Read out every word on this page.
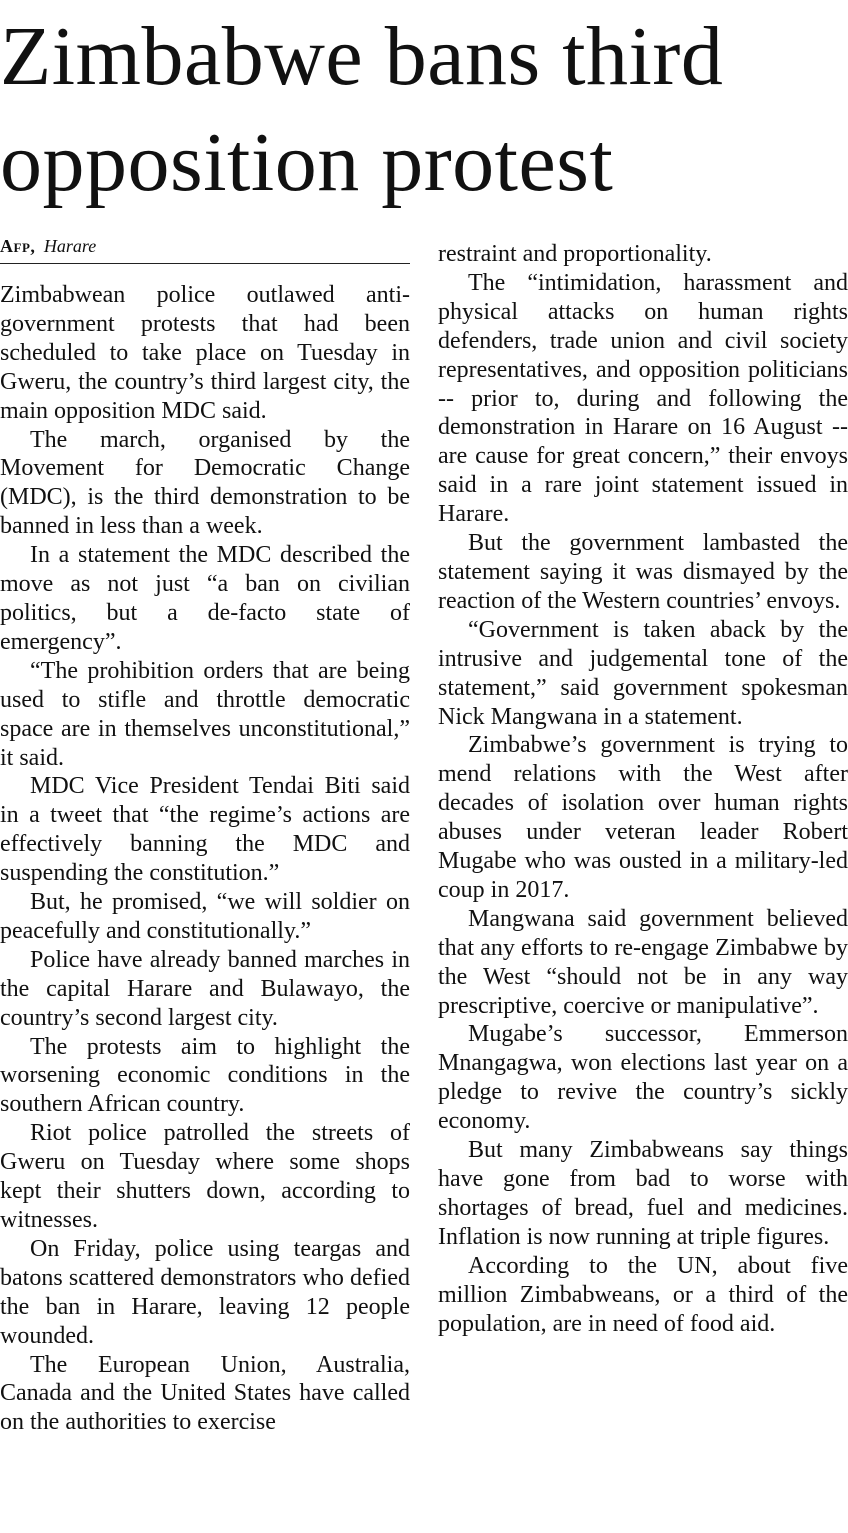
Zimbabwe bans third opposition protest
Afp, Harare

Zimbabwean police outlawed anti-government protests that had been scheduled to take place on Tuesday in Gweru, the country’s third largest city, the main opposition MDC said.

The march, organised by the Movement for Democratic Change (MDC), is the third demonstration to be banned in less than a week.

In a statement the MDC described the move as not just “a ban on civilian politics, but a de-facto state of emergency”.

“The prohibition orders that are being used to stifle and throttle democratic space are in themselves unconstitutional,” it said.

MDC Vice President Tendai Biti said in a tweet that “the regime’s actions are effectively banning the MDC and suspending the constitution.”

But, he promised, “we will soldier on peacefully and constitutionally.”

Police have already banned marches in the capital Harare and Bulawayo, the country’s second largest city.

The protests aim to highlight the worsening economic conditions in the southern African country.

Riot police patrolled the streets of Gweru on Tuesday where some shops kept their shutters down, according to witnesses.

On Friday, police using teargas and batons scattered demonstrators who defied the ban in Harare, leaving 12 people wounded.

The European Union, Australia, Canada and the United States have called on the authorities to exercise

restraint and proportionality.

The “intimidation, harassment and physical attacks on human rights defenders, trade union and civil society representatives, and opposition politicians -- prior to, during and following the demonstration in Harare on 16 August -- are cause for great concern,” their envoys said in a rare joint statement issued in Harare.

But the government lambasted the statement saying it was dismayed by the reaction of the Western countries’ envoys.

“Government is taken aback by the intrusive and judgemental tone of the statement,” said government spokesman Nick Mangwana in a statement.

Zimbabwe’s government is trying to mend relations with the West after decades of isolation over human rights abuses under veteran leader Robert Mugabe who was ousted in a military-led coup in 2017.

Mangwana said government believed that any efforts to re-engage Zimbabwe by the West “should not be in any way prescriptive, coercive or manipulative”.

Mugabe’s successor, Emmerson Mnangagwa, won elections last year on a pledge to revive the country’s sickly economy.

But many Zimbabweans say things have gone from bad to worse with shortages of bread, fuel and medicines. Inflation is now running at triple figures.

According to the UN, about five million Zimbabweans, or a third of the population, are in need of food aid.
